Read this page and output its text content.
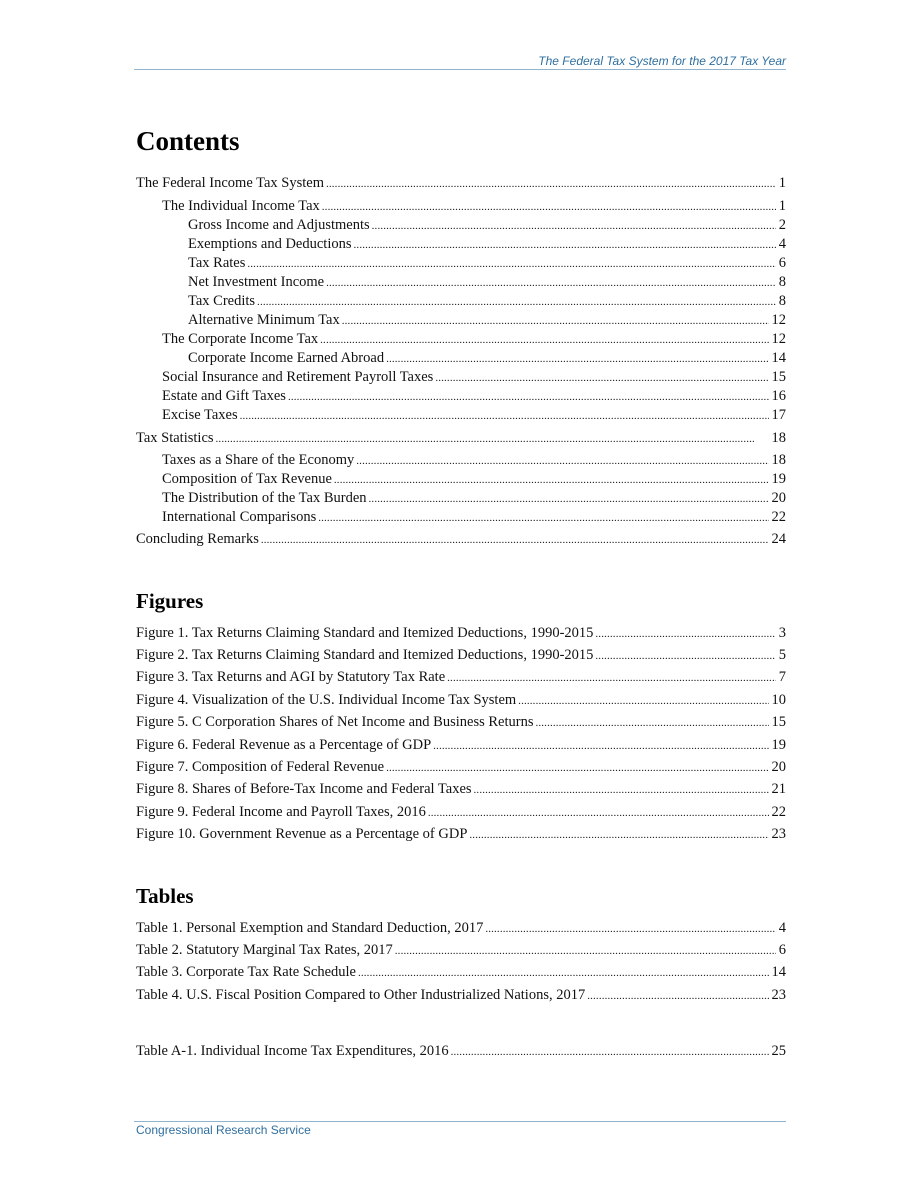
The Federal Tax System for the 2017 Tax Year
Contents
The Federal Income Tax System . . .	1
The Individual Income Tax . . .	1
Gross Income and Adjustments . . .	2
Exemptions and Deductions . . .	4
Tax Rates . . .	6
Net Investment Income . . .	8
Tax Credits . . .	8
Alternative Minimum Tax . . .	12
The Corporate Income Tax . . .	12
Corporate Income Earned Abroad . . .	14
Social Insurance and Retirement Payroll Taxes . . .	15
Estate and Gift Taxes . . .	16
Excise Taxes . . .	17
Tax Statistics . . .	18
Taxes as a Share of the Economy . . .	18
Composition of Tax Revenue . . .	19
The Distribution of the Tax Burden . . .	20
International Comparisons . . .	22
Concluding Remarks . . .	24
Figures
Figure 1. Tax Returns Claiming Standard and Itemized Deductions, 1990-2015 . . .	3
Figure 2. Tax Returns Claiming Standard and Itemized Deductions, 1990-2015 . . .	5
Figure 3. Tax Returns and AGI by Statutory Tax Rate . . .	7
Figure 4. Visualization of the U.S. Individual Income Tax System . . .	10
Figure 5. C Corporation Shares of Net Income and Business Returns . . .	15
Figure 6. Federal Revenue as a Percentage of GDP . . .	19
Figure 7. Composition of Federal Revenue . . .	20
Figure 8. Shares of Before-Tax Income and Federal Taxes . . .	21
Figure 9. Federal Income and Payroll Taxes, 2016 . . .	22
Figure 10. Government Revenue as a Percentage of GDP . . .	23
Tables
Table 1. Personal Exemption and Standard Deduction, 2017 . . .	4
Table 2. Statutory Marginal Tax Rates, 2017 . . .	6
Table 3. Corporate Tax Rate Schedule . . .	14
Table 4. U.S. Fiscal Position Compared to Other Industrialized Nations, 2017 . . .	23
Table A-1. Individual Income Tax Expenditures, 2016 . . .	25
Congressional Research Service
